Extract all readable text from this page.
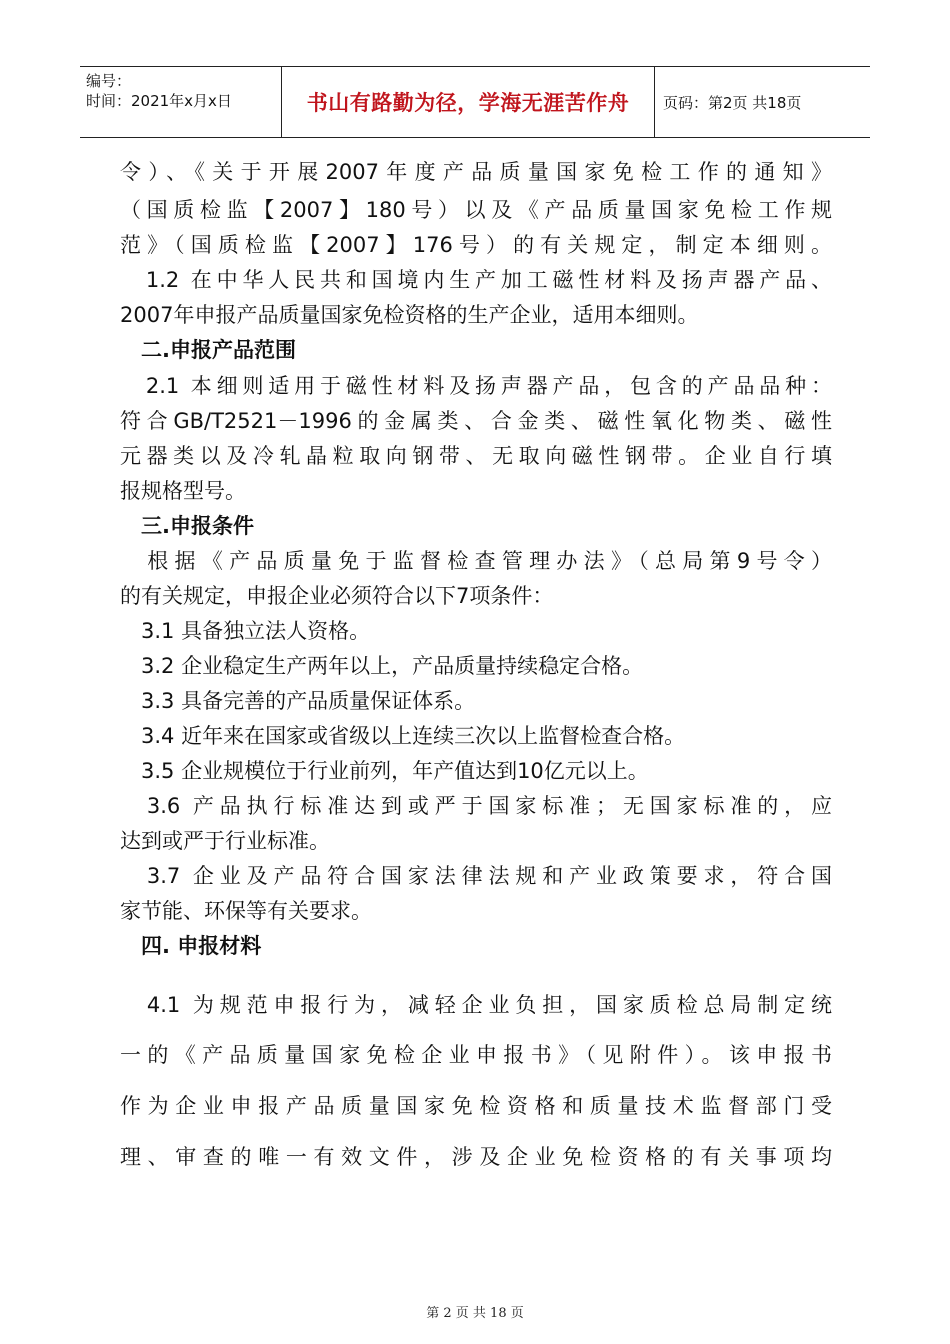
编号：
时间：2021年x月x日	书山有路勤为径，学海无涯苦作舟	页码：第2页 共18页
令）、《关于开展2007年度产品质量国家免检工作的通知》
（国质检监【2007】180号）以及《产品质量国家免检工作规
范》（国质检监【2007】176号）的有关规定，制定本细则。
　1.2 在中华人民共和国境内生产加工磁性材料及扬声器产品、
2007年申报产品质量国家免检资格的生产企业，适用本细则。
　二.申报产品范围
　2.1 本细则适用于磁性材料及扬声器产品，包含的产品品种：
符合GB/T2521－1996的金属类、合金类、磁性氧化物类、磁性
元器类以及冷轧晶粒取向钢带、无取向磁性钢带。企业自行填
报规格型号。
　三.申报条件
　根据《产品质量免于监督检查管理办法》（总局第9号令）
的有关规定，申报企业必须符合以下7项条件：
　3.1 具备独立法人资格。
　3.2 企业稳定生产两年以上，产品质量持续稳定合格。
　3.3 具备完善的产品质量保证体系。
　3.4 近年来在国家或省级以上连续三次以上监督检查合格。
　3.5 企业规模位于行业前列，年产值达到10亿元以上。
　3.6 产品执行标准达到或严于国家标准；无国家标准的，应
达到或严于行业标准。
　3.7 企业及产品符合国家法律法规和产业政策要求，符合国
家节能、环保等有关要求。
　四. 申报材料
　4.1 为规范申报行为，减轻企业负担，国家质检总局制定统
一的《产品质量国家免检企业申报书》（见附件）。该申报书
作为企业申报产品质量国家免检资格和质量技术监督部门受
理、审查的唯一有效文件，涉及企业免检资格的有关事项均
第 2 页 共 18 页
